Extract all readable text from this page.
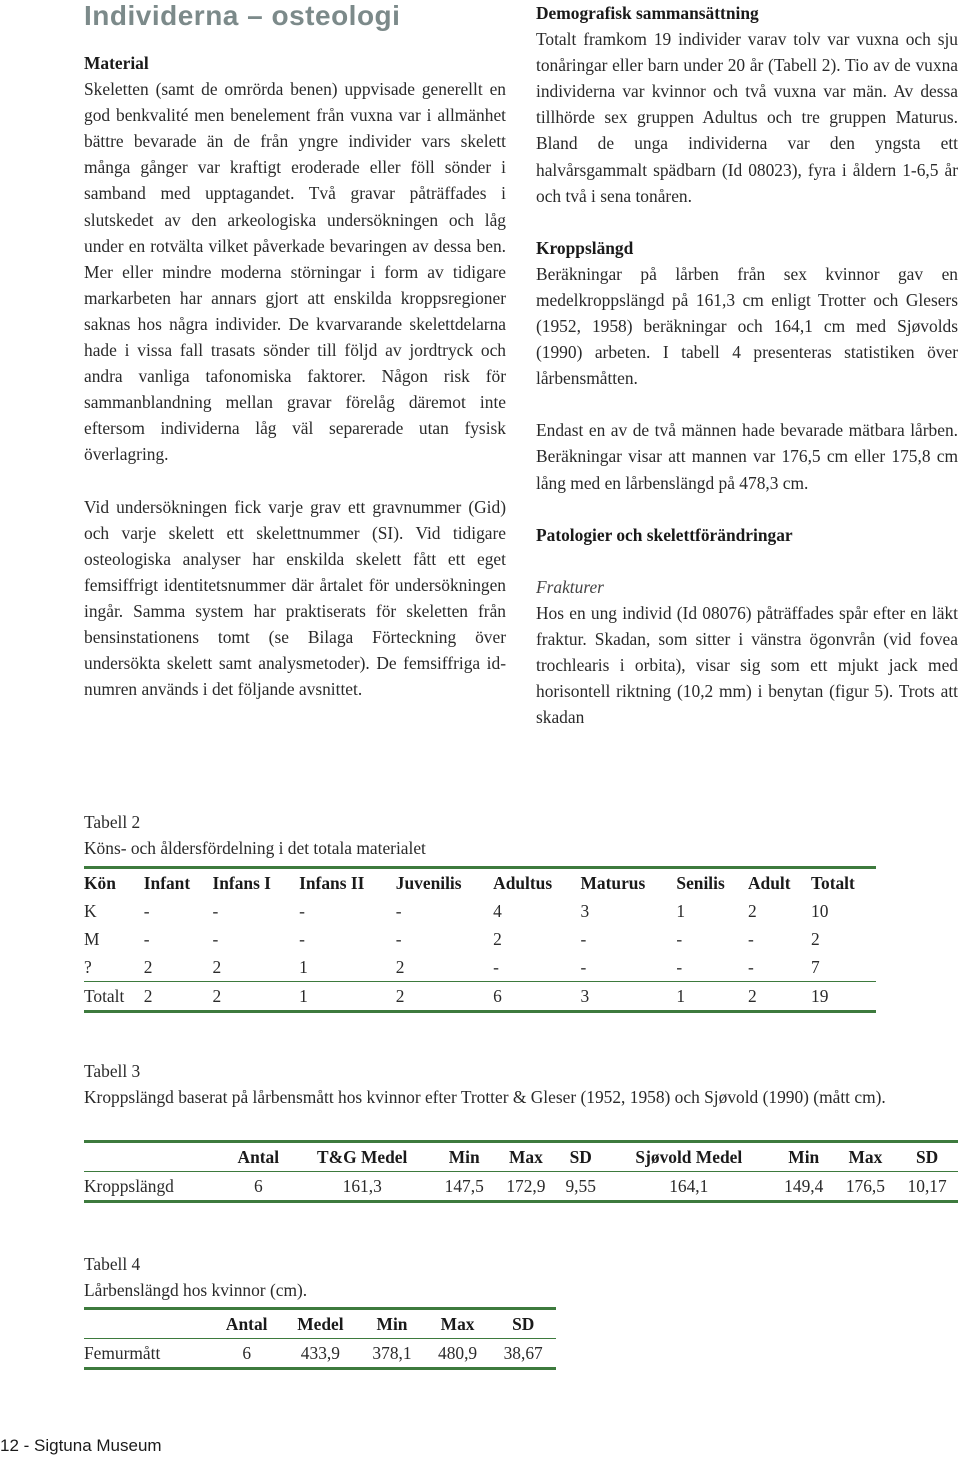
Individerna – osteologi

Material

Skeletten (samt de omrörda benen) uppvisade generellt en god benkvalité men benelement från vuxna var i allmänhet bättre bevarade än de från yngre individer vars skelett många gånger var kraftigt eroderade eller föll sönder i samband med upptagandet. Två gravar påträffades i slutskedet av den arkeologiska undersökningen och låg under en rotvälta vilket påverkade bevaringen av dessa ben. Mer eller mindre moderna störningar i form av tidigare markarbeten har annars gjort att enskilda kroppsregioner saknas hos några individer. De kvarvarande skelettdelarna hade i vissa fall trasats sönder till följd av jordtryck och andra vanliga tafonomiska faktorer. Någon risk för sammanblandning mellan gravar förelåg däremot inte eftersom individerna låg väl separerade utan fysisk överlagring.

Vid undersökningen fick varje grav ett gravnummer (Gid) och varje skelett ett skelettnummer (SI). Vid tidigare osteologiska analyser har enskilda skelett fått ett eget femsiffrigt identitetsnummer där årtalet för undersökningen ingår. Samma system har praktiserats för skeletten från bensinstationens tomt (se Bilaga Förteckning över undersökta skelett samt analysmetoder). De femsiffriga id-numren används i det följande avsnittet.

Demografisk sammansättning

Totalt framkom 19 individer varav tolv var vuxna och sju tonåringar eller barn under 20 år (Tabell 2). Tio av de vuxna individerna var kvinnor och två vuxna var män. Av dessa tillhörde sex gruppen Adultus och tre gruppen Maturus. Bland de unga individerna var den yngsta ett halvårsgammalt spädbarn (Id 08023), fyra i åldern 1-6,5 år och två i sena tonåren.

Kroppslängd

Beräkningar på lårben från sex kvinnor gav en medelkroppslängd på 161,3 cm enligt Trotter och Glesers (1952, 1958) beräkningar och 164,1 cm med Sjøvolds (1990) arbeten. I tabell 4 presenteras statistiken över lårbensmåtten.

Endast en av de två männen hade bevarade mätbara lårben. Beräkningar visar att mannen var 176,5 cm eller 175,8 cm lång med en lårbenslängd på 478,3 cm.

Patologier och skelettförändringar

Frakturer

Hos en ung individ (Id 08076) påträffades spår efter en läkt fraktur. Skadan, som sitter i vänstra ögonvrån (vid fovea trochlearis i orbita), visar sig som ett mjukt jack med horisontell riktning (10,2 mm) i benytan (figur 5). Trots att skadan

Tabell 2

Köns- och åldersfördelning i det totala materialet

Kön	Infant	Infans I	Infans II	Juvenilis	Adultus	Maturus	Senilis	Adult	Totalt
K	-	-	-	-	4	3	1	2	10
M	-	-	-	-	2	-	-	-	2
?	2	2	1	2	-	-	-	-	7
Totalt	2	2	1	2	6	3	1	2	19

Tabell 3

Kroppslängd baserat på lårbensmått hos kvinnor efter Trotter & Gleser (1952, 1958) och Sjøvold (1990) (mått cm).

	Antal	T&G Medel	Min	Max	SD	Sjøvold Medel	Min	Max	SD
Kroppslängd	6	161,3	147,5	172,9	9,55	164,1	149,4	176,5	10,17

Tabell 4

Lårbenslängd hos kvinnor (cm).

	Antal	Medel	Min	Max	SD
Femurmått	6	433,9	378,1	480,9	38,67
12 - Sigtuna Museum
